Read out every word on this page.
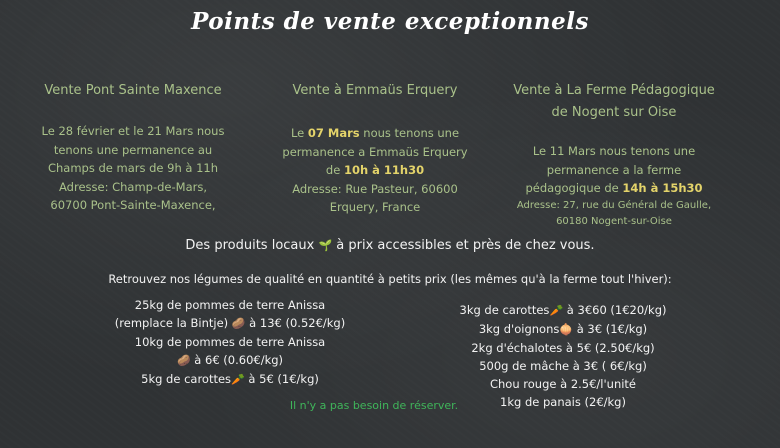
Points de vente exceptionnels
Vente Pont Sainte Maxence
Le 28 février et le 21 Mars nous
tenons une permanence au
Champs de mars de 9h à 11h
Adresse: Champ-de-Mars,
60700 Pont-Sainte-Maxence,
Vente à Emmaüs Erquery
Le 07 Mars nous tenons une
permanence a Emmaüs Erquery
de 10h à 11h30
Adresse: Rue Pasteur, 60600
Erquery, France
Vente à La Ferme Pédagogique
de Nogent sur Oise
Le 11 Mars nous tenons une
permanence a la ferme
pédagogique de 14h à 15h30
Adresse: 27, rue du Général de Gaulle,
60180 Nogent-sur-Oise
Des produits locaux 🌱 à prix accessibles et près de chez vous.
Retrouvez nos légumes de qualité en quantité à petits prix (les mêmes qu'à la ferme tout l'hiver):
25kg de pommes de terre Anissa
(remplace la Bintje) 🥔 à 13€ (0.52€/kg)
10kg de pommes de terre Anissa
🥔 à 6€ (0.60€/kg)
5kg de carottes🥕 à 5€ (1€/kg)
3kg de carottes🥕 à 3€60 (1€20/kg)
3kg d'oignons🧅 à 3€ (1€/kg)
2kg d'échalotes à 5€ (2.50€/kg)
500g de mâche à 3€ ( 6€/kg)
Chou rouge à 2.5€/l'unité
1kg de panais (2€/kg)
Il n'y a pas besoin de réserver.
